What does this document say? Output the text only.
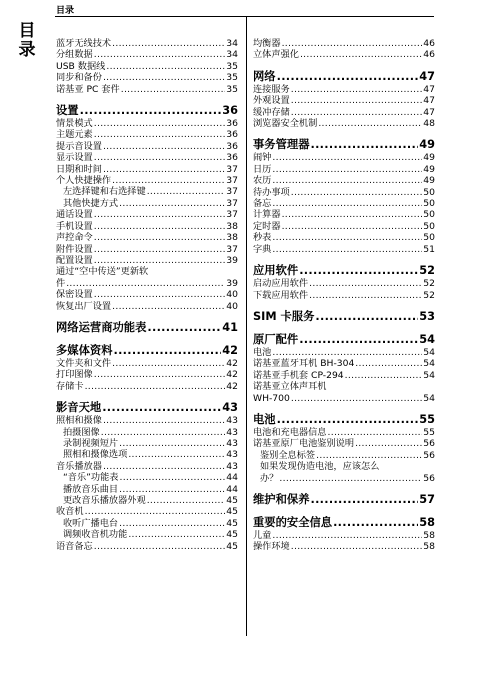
目录
目录 蓝牙无线技术 .....	34
分组数据 .....	34
USB 数据线 .....	35
同步和备份 .....	35
诺基亚 PC 套件 .....	35
设置 .....	36
情景模式 .....	36
主题元素 .....	36
提示音设置 .....	36
显示设置 .....	36
日期和时间 .....	37
个人快捷操作 .....	37
左选择键和右选择键 .....	37
其他快捷方式 .....	37
通话设置 .....	37
手机设置 .....	38
声控命令 .....	38
附件设置 .....	37
配置设置 .....	39
通过“空中传送”更新软
件 .....	39
保密设置 .....	40
恢复出厂设置 .....	40
网络运营商功能表 .....	41
多媒体资料 .....	42
文件夹和文件 .....	42
打印图像 .....	42
存储卡 .....	42
影音天地 .....	43
照相和摄像 .....	43
拍摄图像 .....	43
录制视频短片 .....	43
照相和摄像选项 .....	43
音乐播放器 .....	43
“音乐”功能表 .....	44
播放音乐曲目 .....	44
更改音乐播放器外观 .....	45
收音机 .....	45
收听广播电台 .....	45
调频收音机功能 .....	45
语音备忘 .....	45
均衡器 .....	46
立体声强化 .....	46
网络 .....	47
连接服务 .....	47
外观设置 .....	47
缓冲存储 .....	47
浏览器安全机制 .....	48
事务管理器 .....	49
闹钟 .....	49
日历 .....	49
农历 .....	49
待办事项 .....	50
备忘 .....	50
计算器 .....	50
定时器 .....	50
秒表 .....	50
字典 .....	51
应用软件 .....	52
启动应用软件 .....	52
下载应用软件 .....	52
SIM 卡服务 .....	53
原厂配件 .....	54
电池 .....	54
诺基亚蓝牙耳机 BH-304 .....	54
诺基亚手机套 CP-294 .....	54
诺基亚立体声耳机
WH-700 .....	54
电池 .....	55
电池和充电器信息 .....	55
诺基亚原厂电池鉴别说明 .....	56
鉴别全息标签 .....	56
如果发现伪造电池，应该怎么
办？ .....	56
维护和保养 .....	57
重要的安全信息 .....	58
儿童 .....	58
操作环境 .....	58
